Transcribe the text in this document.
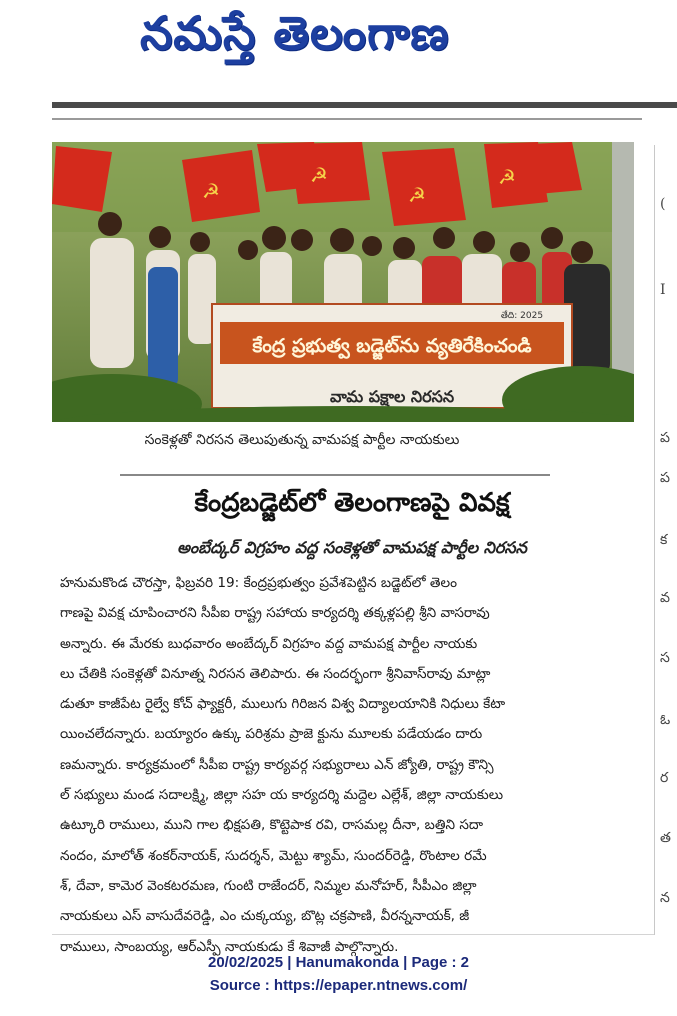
నమస్తే తెలంగాణ
(
I
ప
ప
క
వ
స
ఓ
ర
త
న
☭
☭
☭
☭
కేంద్ర ప్రభుత్వ బడ్జెట్‌ను వ్యతిరేకించండి
వామ పక్షాల నిరసన
తేది: 2025
సంకెళ్లతో నిరసన తెలుపుతున్న వామపక్ష పార్టీల నాయకులు
కేంద్రబడ్జెట్‌లో తెలంగాణపై వివక్ష
అంబేద్కర్ విగ్రహం వద్ద సంకెళ్లతో వామపక్ష పార్టీల నిరసన
హనుమకొండ చౌరస్తా, ఫిబ్రవరి 19: కేంద్రప్రభుత్వం ప్రవేశపెట్టిన బడ్జెట్‌లో తెలం
గాణపై వివక్ష చూపించారని సీపీఐ రాష్ట్ర సహాయ కార్యదర్శి తక్కళ్లపల్లి శ్రీని వాసరావు
అన్నారు. ఈ మేరకు బుధవారం అంబేద్కర్ విగ్రహం వద్ద వామపక్ష పార్టీల నాయకు
లు చేతికి సంకెళ్లతో వినూత్న నిరసన తెలిపారు. ఈ సందర్భంగా శ్రీనివాస్‌రావు మాట్లా
డుతూ కాజీపేట రైల్వే కోచ్ ఫ్యాక్టరీ, ములుగు గిరిజన విశ్వ విద్యాలయానికి నిధులు కేటా
యించలేదన్నారు. బయ్యారం ఉక్కు పరిశ్రమ ప్రాజె క్టును మూలకు పడేయడం దారు
ణమన్నారు. కార్యక్రమంలో సీపీఐ రాష్ట్ర కార్యవర్గ సభ్యురాలు ఎన్ జ్యోతి, రాష్ట్ర కౌన్సి
ల్ సభ్యులు మండ సదాలక్ష్మి, జిల్లా సహ య కార్యదర్శి మద్దెల ఎల్లేశ్, జిల్లా నాయకులు
ఉట్కూరి రాములు, ముని గాల భిక్షపతి, కొట్టెపాక రవి, రాసమల్ల దీనా, బత్తిని సదా
నందం, మాలోత్ శంకర్‌నాయక్, సుదర్శన్, మెట్టు శ్యామ్, సుందర్‌రెడ్డి, రొంటాల రమే
శ్, దేవా, కామెర వెంకటరమణ, గుంటి రాజేందర్, నిమ్మల మనోహర్, సీపీఎం జిల్లా
నాయకులు ఎస్ వాసుదేవరెడ్డి, ఎం చుక్కయ్య, బొట్ల చక్రపాణి, వీరన్ననాయక్, జీ
రాములు, సాంబయ్య, ఆర్ఎస్పీ నాయకుడు కే శివాజీ పాల్గొన్నారు.
20/02/2025 | Hanumakonda | Page : 2
Source : https://epaper.ntnews.com/
